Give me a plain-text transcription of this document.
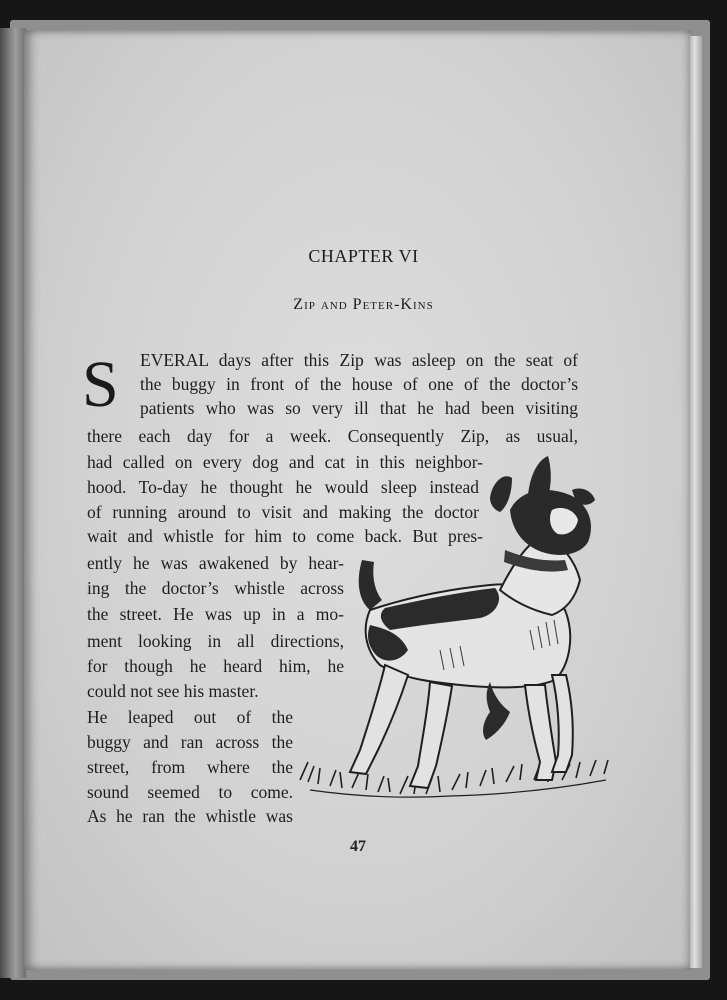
CHAPTER VI
Zip and Peter-Kins
S EVERAL days after this Zip was asleep on the seat of
the buggy in front of the house of one of the doctor’s
patients who was so very ill that he had been visiting
there each day for a week. Consequently Zip, as usual,
had called on every dog and cat in this neighbor-
hood. To-day he thought he would sleep instead
of running around to visit and making the doctor
wait and whistle for him to come back. But pres-
ently he was awakened by hear-
ing the doctor’s whistle across
the street. He was up in a mo-
ment looking in all directions,
for though he heard him, he
could not see his master.
He leaped out of the
buggy and ran across the
street, from where the
sound seemed to come.
As he ran the whistle was
47
